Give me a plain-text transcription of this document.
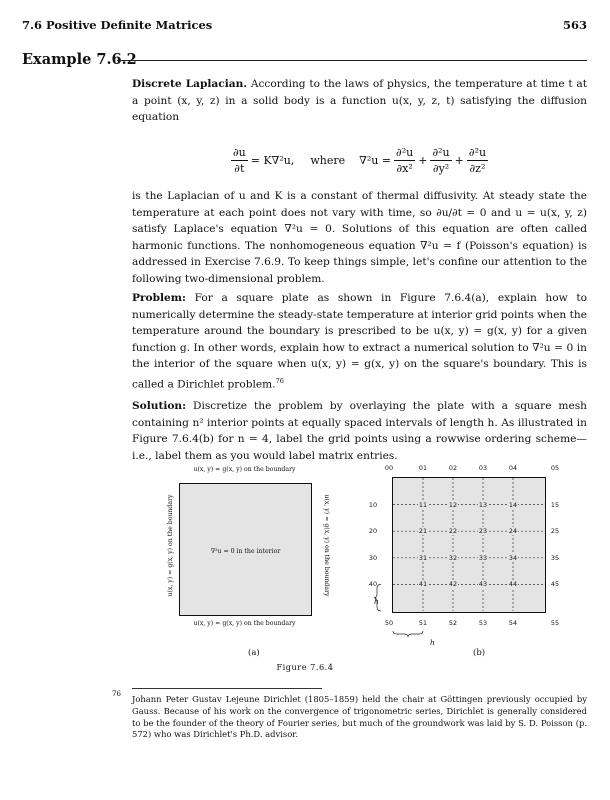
7.6 Positive Definite Matrices	563
Example 7.6.2
Discrete Laplacian. According to the laws of physics, the temperature at time t at a point (x, y, z) in a solid body is a function u(x, y, z, t) satisfying the diffusion equation
$\frac{\partial u}{\partial t} = K\nabla^2u$, where $\nabla^2u = \frac{\text{∂²u}}{\text{∂x²}} + \frac{\text{∂²u}}{\text{∂y²}} + \frac{\text{∂²u}}{\text{∂z²}}$
is the Laplacian of u and K is a constant of thermal diffusivity. At steady state the temperature at each point does not vary with time, so ∂u/∂t = 0 and u = u(x, y, z) satisfy Laplace's equation ∇²u = 0. Solutions of this equation are often called harmonic functions. The nonhomogeneous equation ∇²u = f (Poisson's equation) is addressed in Exercise 7.6.9. To keep things simple, let's confine our attention to the following two-dimensional problem.
Problem: For a square plate as shown in Figure 7.6.4(a), explain how to numerically determine the steady-state temperature at interior grid points when the temperature around the boundary is prescribed to be u(x, y) = g(x, y) for a given function g. In other words, explain how to extract a numerical solution to ∇²u = 0 in the interior of the square when u(x, y) = g(x, y) on the square's boundary. This is called a Dirichlet problem.$^{76}$
Solution: Discretize the problem by overlaying the plate with a square mesh containing n² interior points at equally spaced intervals of length h. As illustrated in Figure 7.6.4(b) for n = 4, label the grid points using a rowwise ordering scheme—i.e., label them as you would label matrix entries.
u(x, y) = g(x, y) on the boundary
∇²u = 0 in the interior
u(x, y) = g(x, y) on the boundary
u(x, y) = g(x, y) on the boundary	u(x, y) = g(x, y) on the boundary
(a)
00	01	02	03	04	05
10	11	12	13	14	15
20	21	22	23	24	25
30	31	32	33	34	35
40	41	42	43	44	45
50	51	52	53	54	55
h
h
(b)
Figure 7.6.4
76 Johann Peter Gustav Lejeune Dirichlet (1805–1859) held the chair at Göttingen previously occupied by Gauss. Because of his work on the convergence of trigonometric series, Dirichlet is generally considered to be the founder of the theory of Fourier series, but much of the groundwork was laid by S. D. Poisson (p. 572) who was Dirichlet's Ph.D. advisor.
